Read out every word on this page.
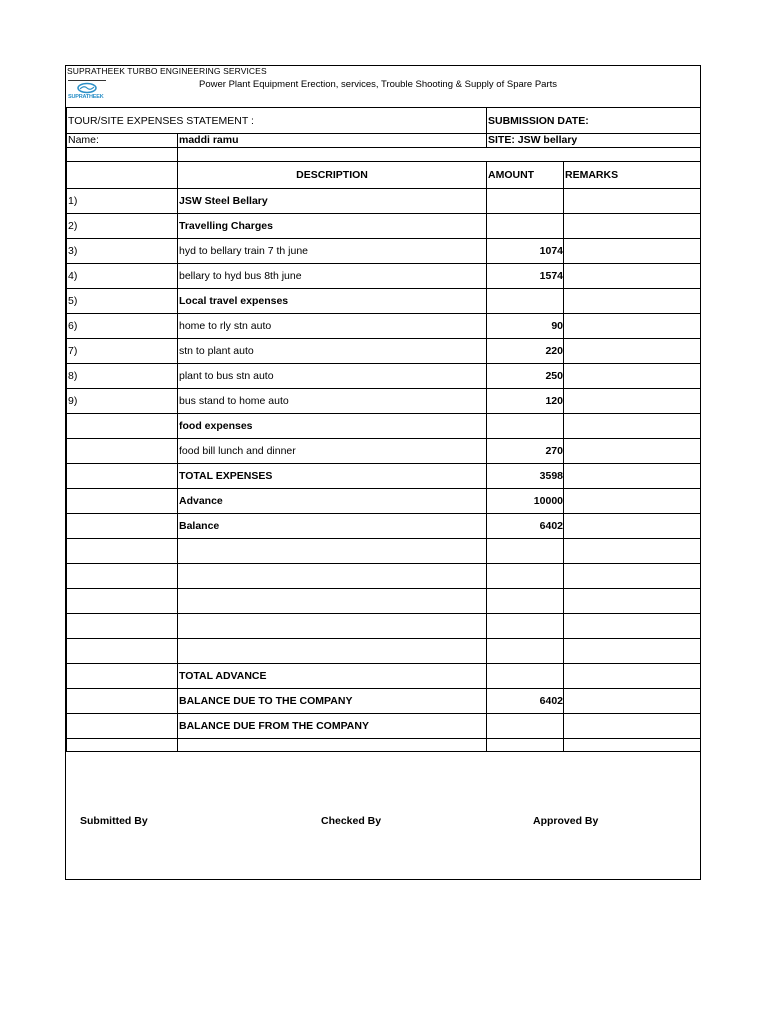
SUPRATHEEK TURBO ENGINEERING SERVICES
SUPRATHEEK
Power Plant Equipment Erection, services, Trouble Shooting & Supply of Spare Parts
TOUR/SITE EXPENSES STATEMENT :		SUBMISSION DATE:	
Name:	maddi ramu	SITE: JSW bellary	

	DESCRIPTION	AMOUNT	REMARKS
1)	JSW Steel Bellary		
2)	Travelling Charges		
3)	hyd to bellary train 7 th june	1074	
4)	bellary to hyd bus 8th june	1574	
5)	Local travel expenses		
6)	home to rly stn auto	90	
7)	stn to plant auto	220	
8)	plant to bus stn auto	250	
9)	bus stand to home auto	120	
	food expenses		
	food bill lunch and dinner	270	
	TOTAL EXPENSES	3598	
	Advance	10000	
	Balance	6402	

	TOTAL ADVANCE		
	BALANCE DUE TO THE COMPANY	6402	
	BALANCE DUE FROM THE COMPANY		

Submitted By	Checked By	Approved By
